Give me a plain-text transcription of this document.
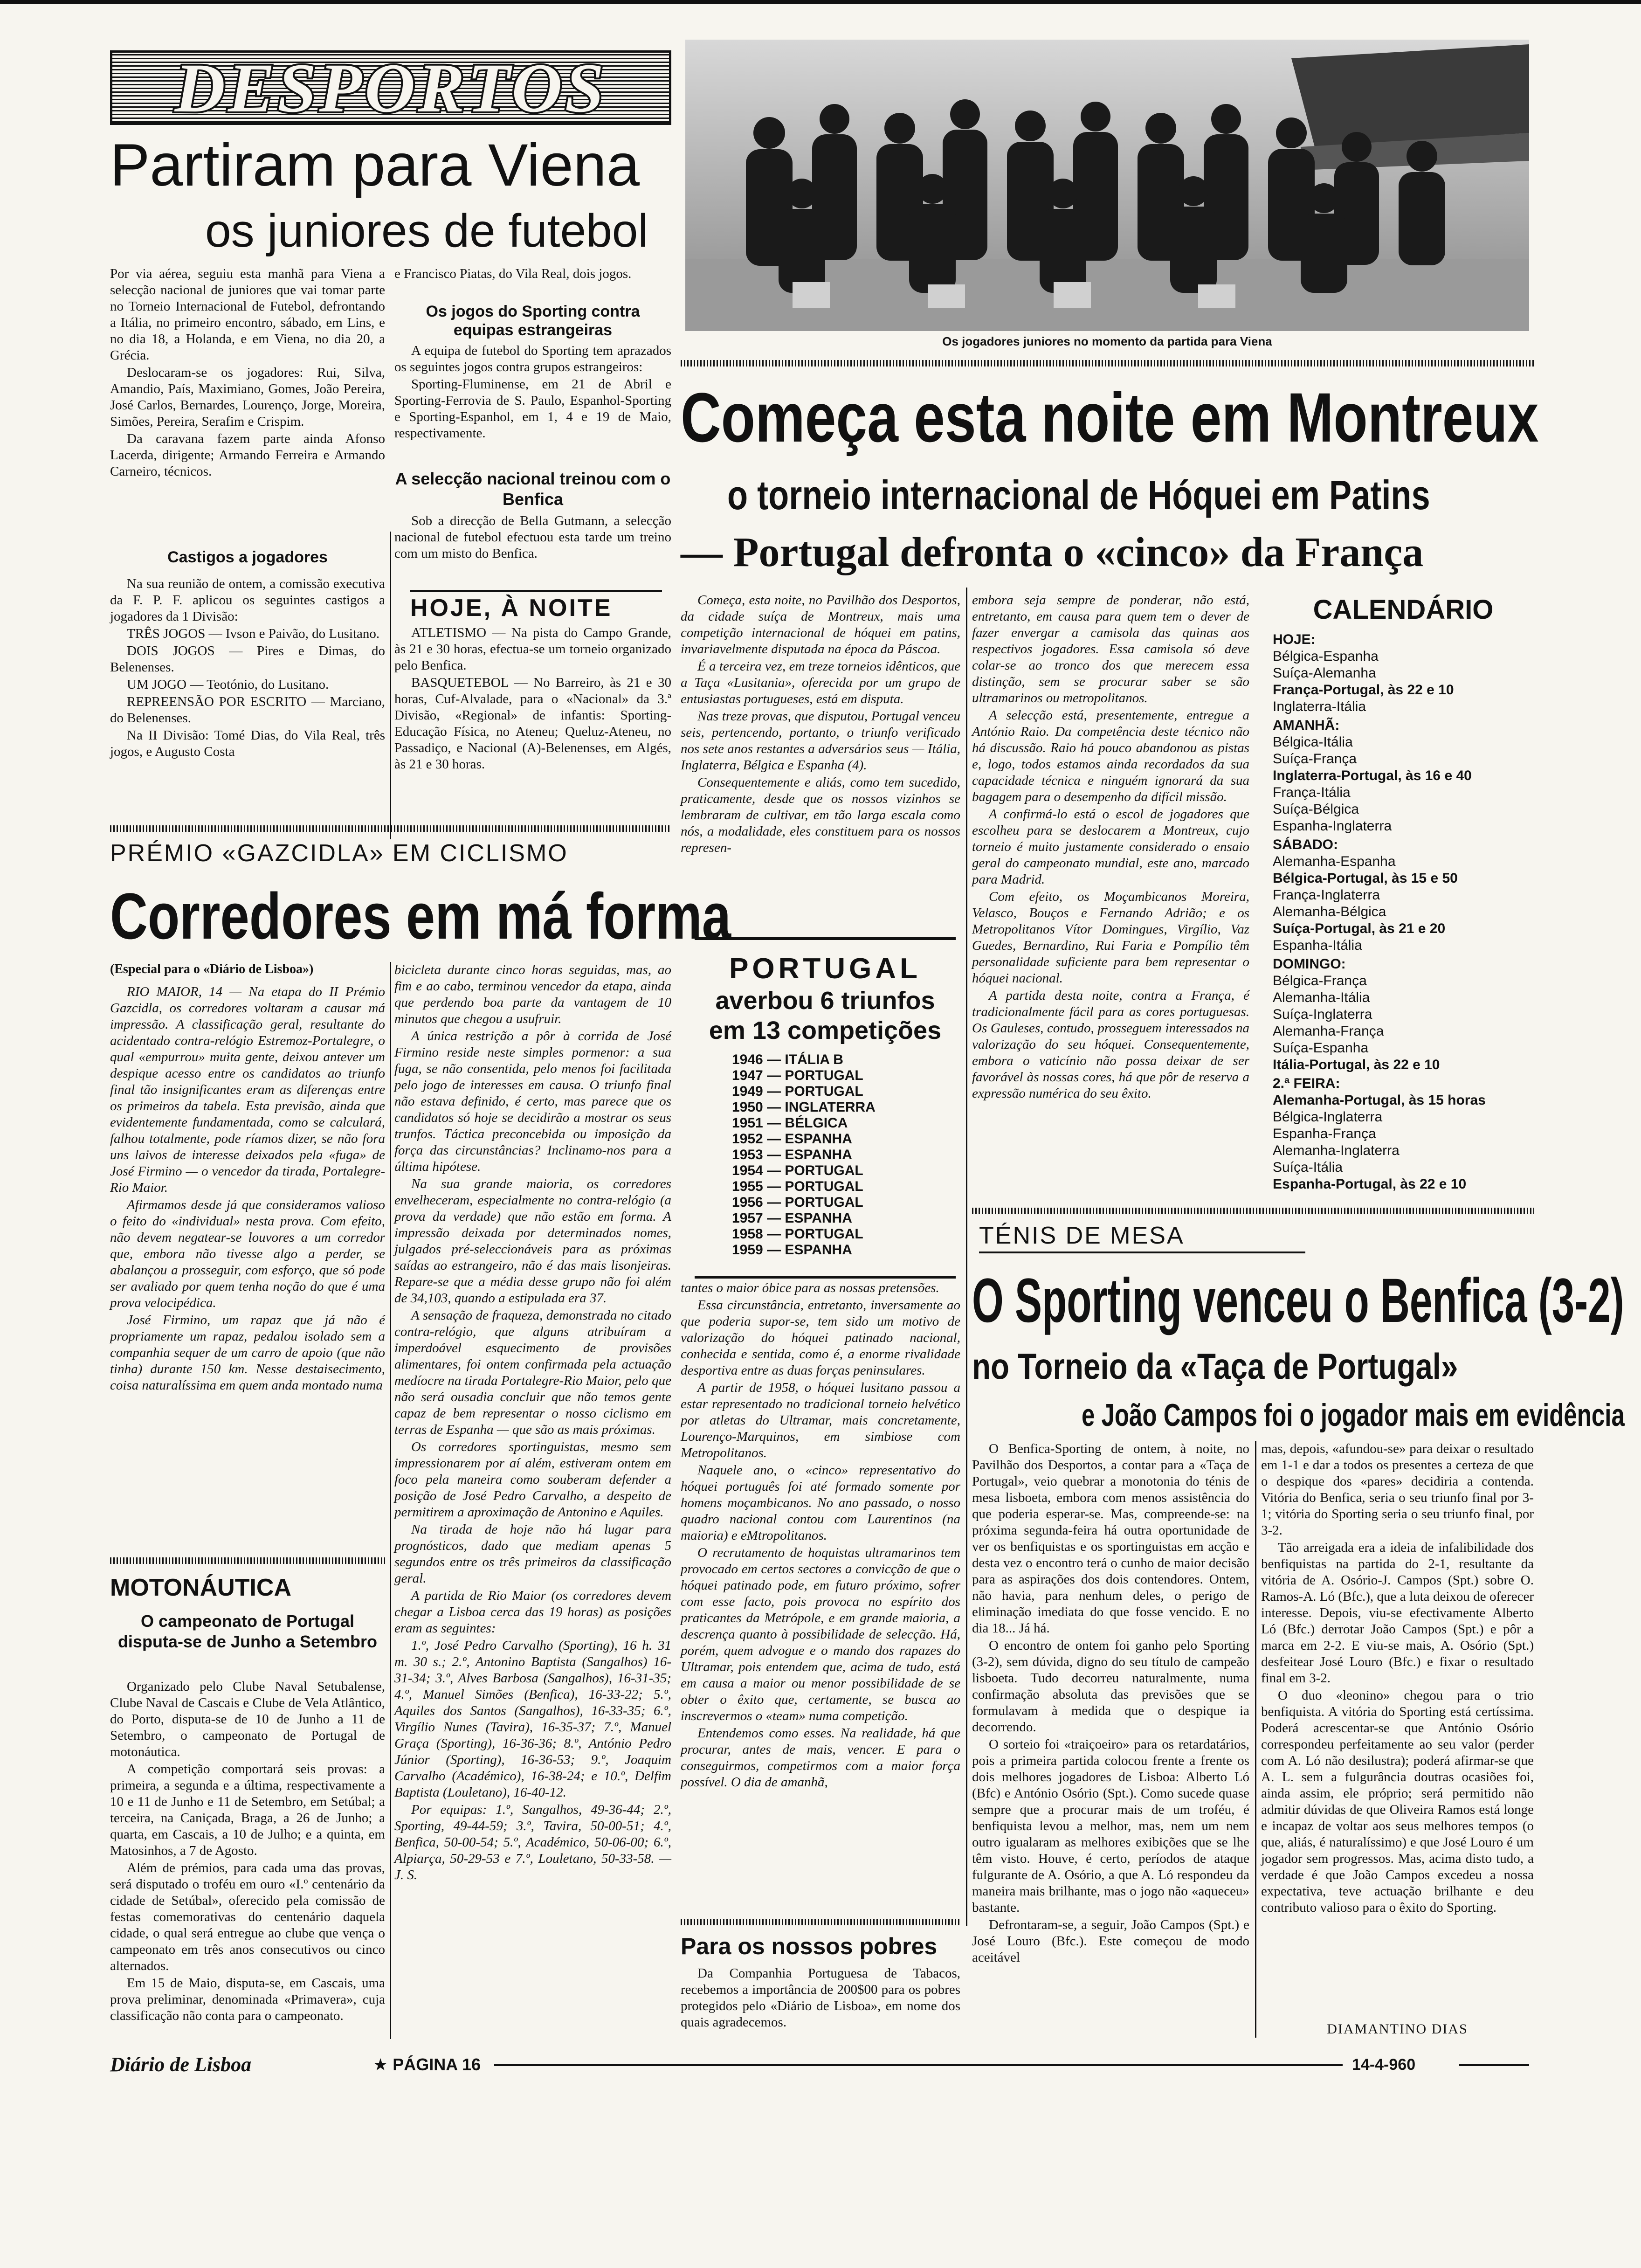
DESPORTOS
Partiram para Viena
os juniores de futebol

Por via aérea, seguiu esta manhã para Viena a selecção nacional de juniores que vai tomar parte no Torneio Internacional de Futebol, defrontando a Itália, no primeiro encontro, sábado, em Lins, e no dia 18, a Holanda, e em Viena, no dia 20, a Grécia.

Deslocaram-se os jogadores: Rui, Silva, Amandio, País, Maximiano, Gomes, João Pereira, José Carlos, Bernardes, Lourenço, Jorge, Moreira, Simões, Pereira, Serafim e Crispim.

Da caravana fazem parte ainda Afonso Lacerda, dirigente; Armando Ferreira e Armando Carneiro, técnicos.

Castigos a jogadores

Na sua reunião de ontem, a comissão executiva da F. P. F. aplicou os seguintes castigos a jogadores da 1 Divisão:

TRÊS JOGOS — Ivson e Paivão, do Lusitano.

DOIS JOGOS — Pires e Dimas, do Belenenses.

UM JOGO — Teotónio, do Lusitano.

REPREENSÃO POR ESCRITO — Marciano, do Belenenses.

Na II Divisão: Tomé Dias, do Vila Real, três jogos, e Augusto Costa

e Francisco Piatas, do Vila Real, dois jogos.

Os jogos do Sporting contra equipas estrangeiras

A equipa de futebol do Sporting tem aprazados os seguintes jogos contra grupos estrangeiros:

Sporting-Fluminense, em 21 de Abril e Sporting-Ferrovia de S. Paulo, Espanhol-Sporting e Sporting-Espanhol, em 1, 4 e 19 de Maio, respectivamente.

A selecção nacional treinou com o Benfica

Sob a direcção de Bella Gutmann, a selecção nacional de futebol efectuou esta tarde um treino com um misto do Benfica.

HOJE, À NOITE

ATLETISMO — Na pista do Campo Grande, às 21 e 30 horas, efectua-se um torneio organizado pelo Benfica.

BASQUETEBOL — No Barreiro, às 21 e 30 horas, Cuf-Alvalade, para o «Nacional» da 3.ª Divisão, «Regional» de infantis: Sporting-Educação Física, no Ateneu; Queluz-Ateneu, no Passadiço, e Nacional (A)-Belenenses, em Algés, às 21 e 30 horas.

PRÉMIO «GAZCIDLA» EM CICLISMO
Corredores em má forma
(Especial para o «Diário de Lisboa»)

RIO MAIOR, 14 — Na etapa do II Prémio Gazcidla, os corredores voltaram a causar má impressão. A classificação geral, resultante do acidentado contra-relógio Estremoz-Portalegre, o qual «empurrou» muita gente, deixou antever um despique acesso entre os candidatos ao triunfo final tão insignificantes eram as diferenças entre os primeiros da tabela. Esta previsão, ainda que evidentemente fundamentada, como se calculará, falhou totalmente, pode ríamos dizer, se não fora uns laivos de interesse deixados pela «fuga» de José Firmino — o vencedor da tirada, Portalegre-Rio Maior.

Afirmamos desde já que consideramos valioso o feito do «individual» nesta prova. Com efeito, não devem negatear-se louvores a um corredor que, embora não tivesse algo a perder, se abalançou a prosseguir, com esforço, que só pode ser avaliado por quem tenha noção do que é uma prova velocipédica.

José Firmino, um rapaz que já não é propriamente um rapaz, pedalou isolado sem a companhia sequer de um carro de apoio (que não tinha) durante 150 km. Nesse destaisecimento, coisa naturalíssima em quem anda montado numa

bicicleta durante cinco horas seguidas, mas, ao fim e ao cabo, terminou vencedor da etapa, ainda que perdendo boa parte da vantagem de 10 minutos que chegou a usufruir.

A única restrição a pôr à corrida de José Firmino reside neste simples pormenor: a sua fuga, se não consentida, pelo menos foi facilitada pelo jogo de interesses em causa. O triunfo final não estava definido, é certo, mas parece que os candidatos só hoje se decidirão a mostrar os seus trunfos. Táctica preconcebida ou imposição da força das circunstâncias? Inclinamo-nos para a última hipótese.

Na sua grande maioria, os corredores envelheceram, especialmente no contra-relógio (a prova da verdade) que não estão em forma. A impressão deixada por determinados nomes, julgados pré-seleccionáveis para as próximas saídas ao estrangeiro, não é das mais lisonjeiras. Repare-se que a média desse grupo não foi além de 34,103, quando a estipulada era 37.

A sensação de fraqueza, demonstrada no citado contra-relógio, que alguns atribuíram a imperdoável esquecimento de provisões alimentares, foi ontem confirmada pela actuação medíocre na tirada Portalegre-Rio Maior, pelo que não será ousadia concluir que não temos gente capaz de bem representar o nosso ciclismo em terras de Espanha — que são as mais próximas.

Os corredores sportinguistas, mesmo sem impressionarem por aí além, estiveram ontem em foco pela maneira como souberam defender a posição de José Pedro Carvalho, a despeito de permitirem a aproximação de Antonino e Aquiles.

Na tirada de hoje não há lugar para prognósticos, dado que mediam apenas 5 segundos entre os três primeiros da classificação geral.

A partida de Rio Maior (os corredores devem chegar a Lisboa cerca das 19 horas) as posições eram as seguintes:

1.º, José Pedro Carvalho (Sporting), 16 h. 31 m. 30 s.; 2.º, Antonino Baptista (Sangalhos) 16-31-34; 3.º, Alves Barbosa (Sangalhos), 16-31-35; 4.º, Manuel Simões (Benfica), 16-33-22; 5.º, Aquiles dos Santos (Sangalhos), 16-33-35; 6.º, Virgílio Nunes (Tavira), 16-35-37; 7.º, Manuel Graça (Sporting), 16-36-36; 8.º, António Pedro Júnior (Sporting), 16-36-53; 9.º, Joaquim Carvalho (Académico), 16-38-24; e 10.º, Delfim Baptista (Louletano), 16-40-12.

Por equipas: 1.º, Sangalhos, 49-36-44; 2.º, Sporting, 49-44-59; 3.º, Tavira, 50-00-51; 4.º, Benfica, 50-00-54; 5.º, Académico, 50-06-00; 6.º, Alpiarça, 50-29-53 e 7.º, Louletano, 50-33-58. — J. S.

MOTONÁUTICA
O campeonato de Portugal disputa-se de Junho a Setembro

Organizado pelo Clube Naval Setubalense, Clube Naval de Cascais e Clube de Vela Atlântico, do Porto, disputa-se de 10 de Junho a 11 de Setembro, o campeonato de Portugal de motonáutica.

A competição comportará seis provas: a primeira, a segunda e a última, respectivamente a 10 e 11 de Junho e 11 de Setembro, em Setúbal; a terceira, na Caniçada, Braga, a 26 de Junho; a quarta, em Cascais, a 10 de Julho; e a quinta, em Matosinhos, a 7 de Agosto.

Além de prémios, para cada uma das provas, será disputado o troféu em ouro «I.º centenário da cidade de Setúbal», oferecido pela comissão de festas comemorativas do centenário daquela cidade, o qual será entregue ao clube que vença o campeonato em três anos consecutivos ou cinco alternados.

Em 15 de Maio, disputa-se, em Cascais, uma prova preliminar, denominada «Primavera», cuja classificação não conta para o campeonato.

Os jogadores juniores no momento da partida para Viena
Começa esta noite em Montreux
o torneio internacional de Hóquei em Patins
— Portugal defronta o «cinco» da França

Começa, esta noite, no Pavilhão dos Desportos, da cidade suíça de Montreux, mais uma competição internacional de hóquei em patins, invariavelmente disputada na época da Páscoa.

É a terceira vez, em treze torneios idênticos, que a Taça «Lusitania», oferecida por um grupo de entusiastas portugueses, está em disputa.

Nas treze provas, que disputou, Portugal venceu seis, pertencendo, portanto, o triunfo verificado nos sete anos restantes a adversários seus — Itália, Inglaterra, Bélgica e Espanha (4).

Consequentemente e aliás, como tem sucedido, praticamente, desde que os nossos vizinhos se lembraram de cultivar, em tão larga escala como nós, a modalidade, eles constituem para os nossos represen-

PORTUGAL
averbou 6 triunfos
em 13 competições
1946 — ITÁLIA B
1947 — PORTUGAL
1949 — PORTUGAL
1950 — INGLATERRA
1951 — BÉLGICA
1952 — ESPANHA
1953 — ESPANHA
1954 — PORTUGAL
1955 — PORTUGAL
1956 — PORTUGAL
1957 — ESPANHA
1958 — PORTUGAL
1959 — ESPANHA

tantes o maior óbice para as nossas pretensões.

Essa circunstância, entretanto, inversamente ao que poderia supor-se, tem sido um motivo de valorização do hóquei patinado nacional, conhecida e sentida, como é, a enorme rivalidade desportiva entre as duas forças peninsulares.

A partir de 1958, o hóquei lusitano passou a estar representado no tradicional torneio helvético por atletas do Ultramar, mais concretamente, Lourenço-Marquinos, em simbiose com Metropolitanos.

Naquele ano, o «cinco» representativo do hóquei português foi até formado somente por homens moçambicanos. No ano passado, o nosso quadro nacional contou com Laurentinos (na maioria) e eMtropolitanos.

O recrutamento de hoquistas ultramarinos tem provocado em certos sectores a convicção de que o hóquei patinado pode, em futuro próximo, sofrer com esse facto, pois provoca no espírito dos praticantes da Metrópole, e em grande maioria, a descrença quanto à possibilidade de selecção. Há, porém, quem advogue e o mando dos rapazes do Ultramar, pois entendem que, acima de tudo, está em causa a maior ou menor possibilidade de se obter o êxito que, certamente, se busca ao inscrevermos o «team» numa competição.

Entendemos como esses. Na realidade, há que procurar, antes de mais, vencer. E para o conseguirmos, competirmos com a maior força possível. O dia de amanhã,

embora seja sempre de ponderar, não está, entretanto, em causa para quem tem o dever de fazer envergar a camisola das quinas aos respectivos jogadores. Essa camisola só deve colar-se ao tronco dos que merecem essa distinção, sem se procurar saber se são ultramarinos ou metropolitanos.

A selecção está, presentemente, entregue a António Raio. Da competência deste técnico não há discussão. Raio há pouco abandonou as pistas e, logo, todos estamos ainda recordados da sua capacidade técnica e ninguém ignorará da sua bagagem para o desempenho da difícil missão.

A confirmá-lo está o escol de jogadores que escolheu para se deslocarem a Montreux, cujo torneio é muito justamente considerado o ensaio geral do campeonato mundial, este ano, marcado para Madrid.

Com efeito, os Moçambicanos Moreira, Velasco, Bouços e Fernando Adrião; e os Metropolitanos Vítor Domingues, Virgílio, Vaz Guedes, Bernardino, Rui Faria e Pompílio têm personalidade suficiente para bem representar o hóquei nacional.

A partida desta noite, contra a França, é tradicionalmente fácil para as cores portuguesas. Os Gauleses, contudo, prosseguem interessados na valorização do seu hóquei. Consequentemente, embora o vaticínio não possa deixar de ser favorável às nossas cores, há que pôr de reserva a expressão numérica do seu êxito.

CALENDÁRIO
HOJE:
Bélgica-Espanha
Suíça-Alemanha
França-Portugal, às 22 e 10
Inglaterra-Itália
AMANHÃ:
Bélgica-Itália
Suíça-França
Inglaterra-Portugal, às 16 e 40
França-Itália
Suíça-Bélgica
Espanha-Inglaterra
SÁBADO:
Alemanha-Espanha
Bélgica-Portugal, às 15 e 50
França-Inglaterra
Alemanha-Bélgica
Suíça-Portugal, às 21 e 20
Espanha-Itália
DOMINGO:
Bélgica-França
Alemanha-Itália
Suíça-Inglaterra
Alemanha-França
Suíça-Espanha
Itália-Portugal, às 22 e 10
2.ª FEIRA:
Alemanha-Portugal, às 15 horas
Bélgica-Inglaterra
Espanha-França
Alemanha-Inglaterra
Suíça-Itália
Espanha-Portugal, às 22 e 10
TÉNIS DE MESA
O Sporting venceu o Benfica (3-2)
no Torneio da «Taça de Portugal»
e João Campos foi o jogador mais em evidência

O Benfica-Sporting de ontem, à noite, no Pavilhão dos Desportos, a contar para a «Taça de Portugal», veio quebrar a monotonia do ténis de mesa lisboeta, embora com menos assistência do que poderia esperar-se. Mas, compreende-se: na próxima segunda-feira há outra oportunidade de ver os benfiquistas e os sportinguistas em acção e desta vez o encontro terá o cunho de maior decisão para as aspirações dos dois contendores. Ontem, não havia, para nenhum deles, o perigo de eliminação imediata do que fosse vencido. E no dia 18... Já há.

O encontro de ontem foi ganho pelo Sporting (3-2), sem dúvida, digno do seu título de campeão lisboeta. Tudo decorreu naturalmente, numa confirmação absoluta das previsões que se formulavam à medida que o despique ia decorrendo.

O sorteio foi «traiçoeiro» para os retardatários, pois a primeira partida colocou frente a frente os dois melhores jogadores de Lisboa: Alberto Ló (Bfc) e António Osório (Spt.). Como sucede quase sempre que a procurar mais de um troféu, é benfiquista levou a melhor, mas, nem um nem outro igualaram as melhores exibições que se lhe têm visto. Houve, é certo, períodos de ataque fulgurante de A. Osório, a que A. Ló respondeu da maneira mais brilhante, mas o jogo não «aqueceu» bastante.

Defrontaram-se, a seguir, João Campos (Spt.) e José Louro (Bfc.). Este começou de modo aceitável

mas, depois, «afundou-se» para deixar o resultado em 1-1 e dar a todos os presentes a certeza de que o despique dos «pares» decidiria a contenda. Vitória do Benfica, seria o seu triunfo final por 3-1; vitória do Sporting seria o seu triunfo final, por 3-2.

Tão arreigada era a ideia de infalibilidade dos benfiquistas na partida do 2-1, resultante da vitória de A. Osório-J. Campos (Spt.) sobre O. Ramos-A. Ló (Bfc.), que a luta deixou de oferecer interesse. Depois, viu-se efectivamente Alberto Ló (Bfc.) derrotar João Campos (Spt.) e pôr a marca em 2-2. E viu-se mais, A. Osório (Spt.) desfeitear José Louro (Bfc.) e fixar o resultado final em 3-2.

O duo «leonino» chegou para o trio benfiquista. A vitória do Sporting está certíssima. Poderá acrescentar-se que António Osório correspondeu perfeitamente ao seu valor (perder com A. Ló não desilustra); poderá afirmar-se que A. L. sem a fulgurância doutras ocasiões foi, ainda assim, ele próprio; será permitido não admitir dúvidas de que Oliveira Ramos está longe e incapaz de voltar aos seus melhores tempos (o que, aliás, é naturalíssimo) e que José Louro é um jogador sem progressos. Mas, acima disto tudo, a verdade é que João Campos excedeu a nossa expectativa, teve actuação brilhante e deu contributo valioso para o êxito do Sporting.

DIAMANTINO DIAS
Para os nossos pobres

Da Companhia Portuguesa de Tabacos, recebemos a importância de 200$00 para os pobres protegidos pelo «Diário de Lisboa», em nome dos quais agradecemos.

Diário de Lisboa	★ PÁGINA 16	14-4-960
